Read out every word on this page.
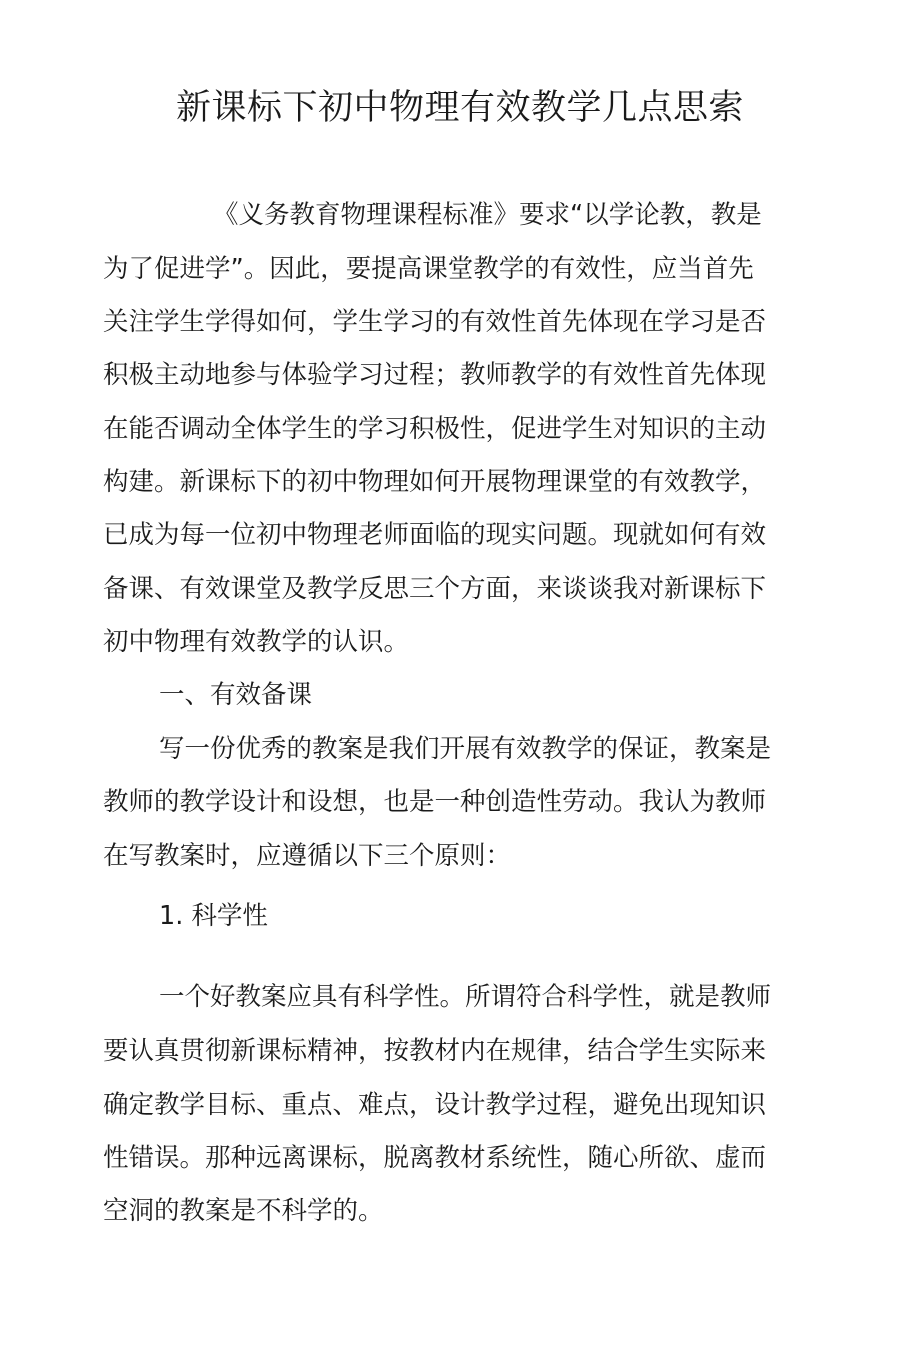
新课标下初中物理有效教学几点思索
《义务教育物理课程标准》要求“以学论教，教是
为了促进学”。因此，要提高课堂教学的有效性，应当首先
关注学生学得如何，学生学习的有效性首先体现在学习是否
积极主动地参与体验学习过程；教师教学的有效性首先体现
在能否调动全体学生的学习积极性，促进学生对知识的主动
构建。新课标下的初中物理如何开展物理课堂的有效教学，
已成为每一位初中物理老师面临的现实问题。现就如何有效
备课、有效课堂及教学反思三个方面，来谈谈我对新课标下
初中物理有效教学的认识。
一、有效备课
写一份优秀的教案是我们开展有效教学的保证，教案是
教师的教学设计和设想，也是一种创造性劳动。我认为教师
在写教案时，应遵循以下三个原则：
1. 科学性
一个好教案应具有科学性。所谓符合科学性，就是教师
要认真贯彻新课标精神，按教材内在规律，结合学生实际来
确定教学目标、重点、难点，设计教学过程，避免出现知识
性错误。那种远离课标，脱离教材系统性，随心所欲、虚而
空洞的教案是不科学的。
